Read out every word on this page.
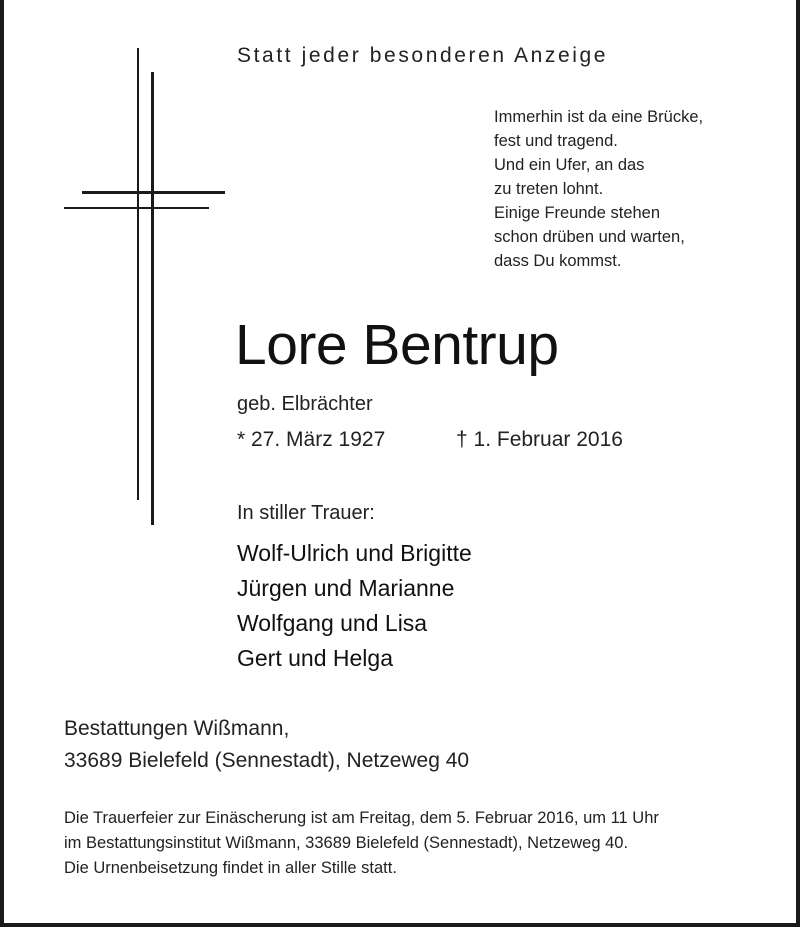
Statt jeder besonderen Anzeige
Immerhin ist da eine Brücke,
fest und tragend.
Und ein Ufer, an das
zu treten lohnt.
Einige Freunde stehen
schon drüben und warten,
dass Du kommst.
Lore Bentrup
geb. Elbrächter
* 27. März 1927	† 1. Februar 2016
In stiller Trauer:
Wolf-Ulrich und Brigitte
Jürgen und Marianne
Wolfgang und Lisa
Gert und Helga
Bestattungen Wißmann,
33689 Bielefeld (Sennestadt), Netzeweg 40
Die Trauerfeier zur Einäscherung ist am Freitag, dem 5. Februar 2016, um 11 Uhr
im Bestattungsinstitut Wißmann, 33689 Bielefeld (Sennestadt), Netzeweg 40.
Die Urnenbeisetzung findet in aller Stille statt.
